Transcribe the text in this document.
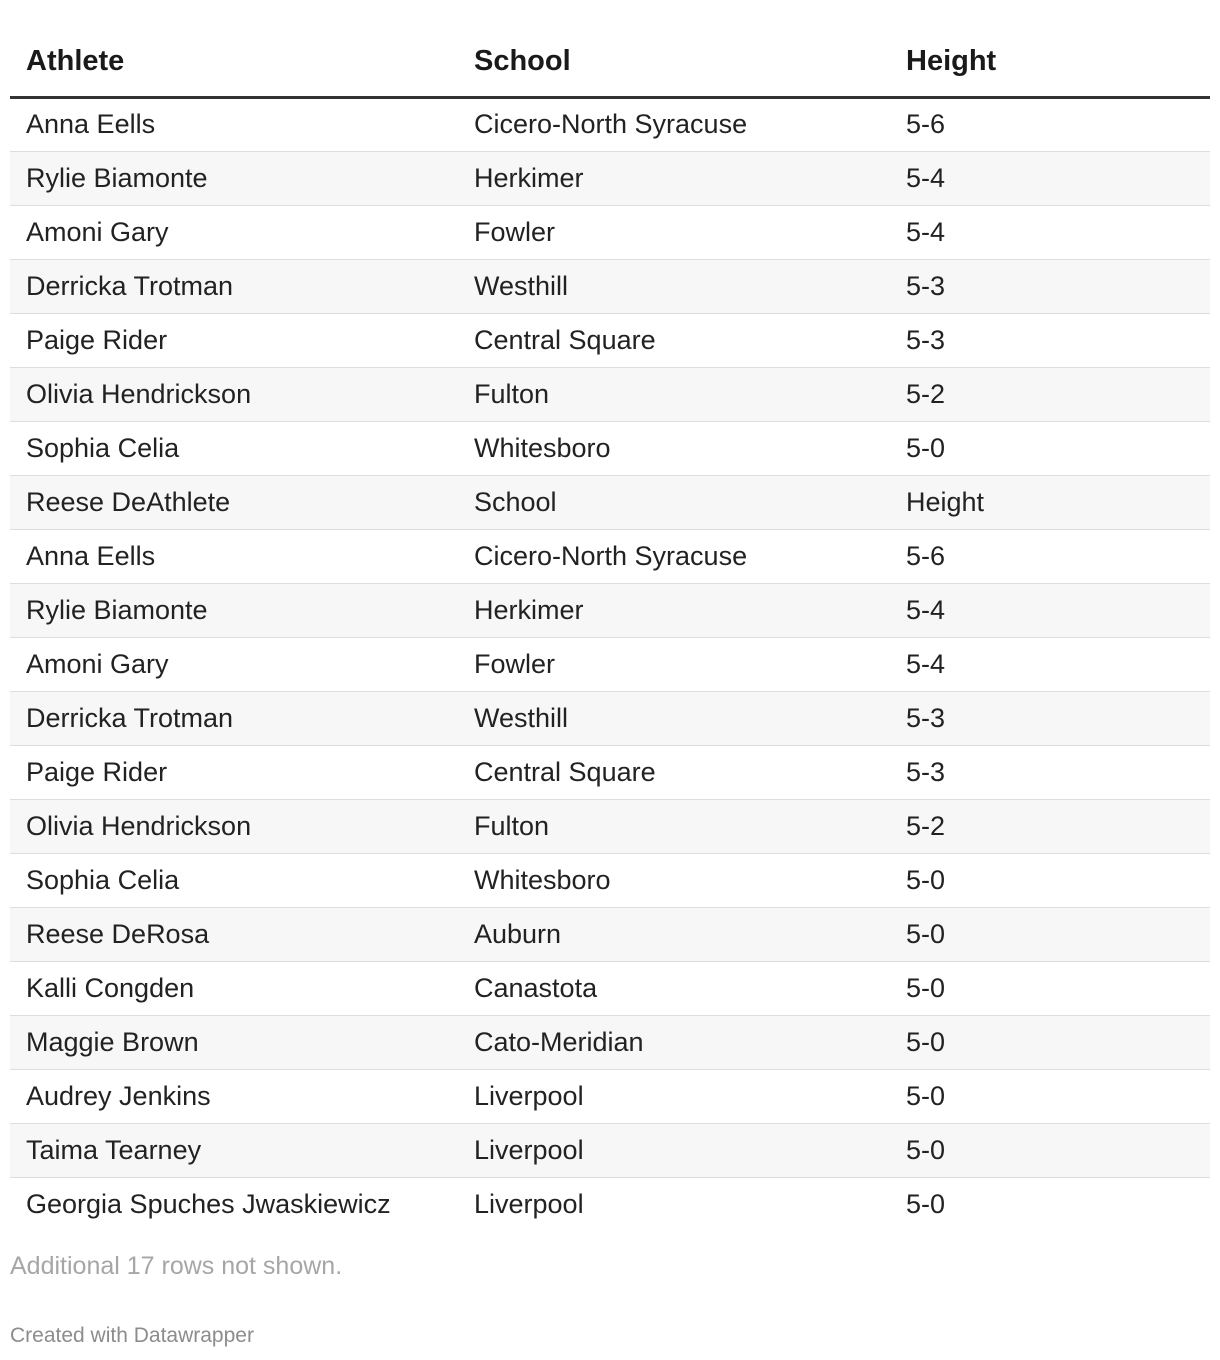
Athlete	School	Height
Anna Eells	Cicero-North Syracuse	5-6
Rylie Biamonte	Herkimer	5-4
Amoni Gary	Fowler	5-4
Derricka Trotman	Westhill	5-3
Paige Rider	Central Square	5-3
Olivia Hendrickson	Fulton	5-2
Sophia Celia	Whitesboro	5-0
Reese DeAthlete	School	Height
Anna Eells	Cicero-North Syracuse	5-6
Rylie Biamonte	Herkimer	5-4
Amoni Gary	Fowler	5-4
Derricka Trotman	Westhill	5-3
Paige Rider	Central Square	5-3
Olivia Hendrickson	Fulton	5-2
Sophia Celia	Whitesboro	5-0
Reese DeRosa	Auburn	5-0
Kalli Congden	Canastota	5-0
Maggie Brown	Cato-Meridian	5-0
Audrey Jenkins	Liverpool	5-0
Taima Tearney	Liverpool	5-0
Georgia Spuches Jwaskiewicz	Liverpool	5-0
Additional 17 rows not shown.
Created with Datawrapper
